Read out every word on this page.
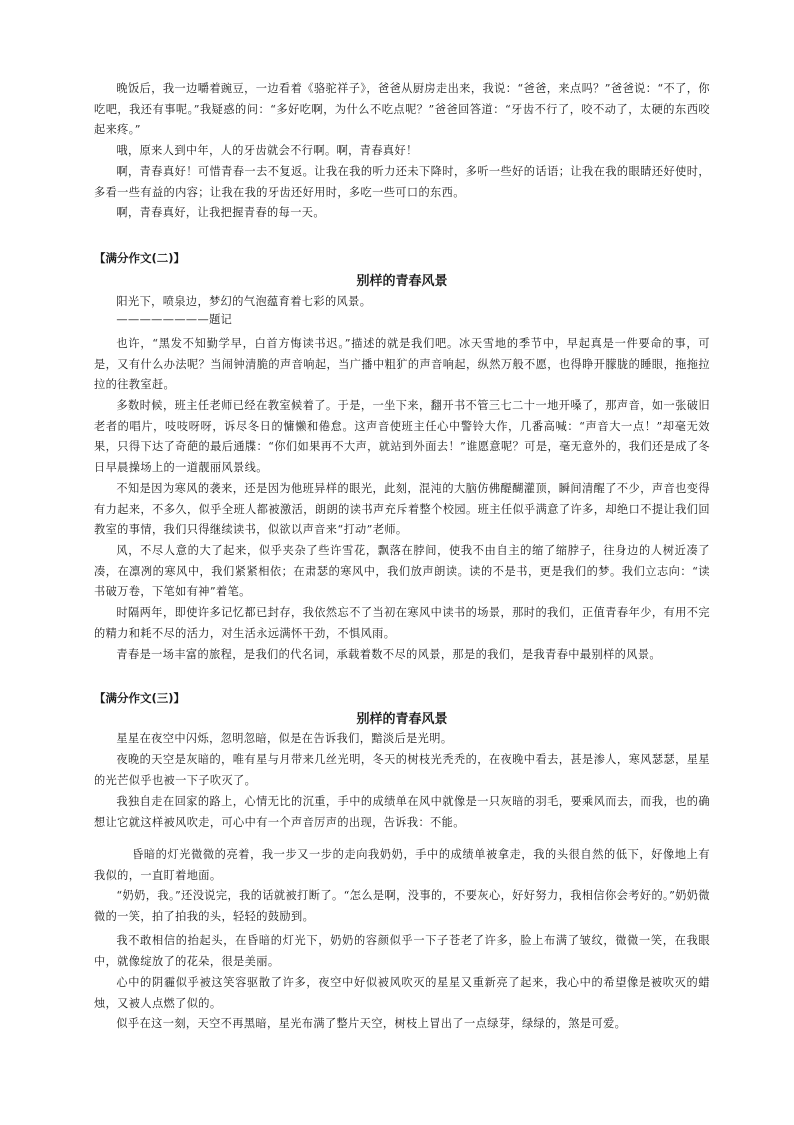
晚饭后，我一边嚼着豌豆，一边看着《骆驼祥子》，爸爸从厨房走出来，我说：“爸爸，来点吗？”爸爸说：“不了，你吃吧，我还有事呢。”我疑惑的问：“多好吃啊，为什么不吃点呢？”爸爸回答道：“牙齿不行了，咬不动了，太硬的东西咬起来疼。”

哦，原来人到中年，人的牙齿就会不行啊。啊，青春真好！

啊，青春真好！可惜青春一去不复返。让我在我的听力还未下降时，多听一些好的话语；让我在我的眼睛还好使时，多看一些有益的内容；让我在我的牙齿还好用时，多吃一些可口的东西。

啊，青春真好，让我把握青春的每一天。

【满分作文(二)】
别样的青春风景

阳光下，喷泉边，梦幻的气泡蕴育着七彩的风景。

————————题记

也许，“黑发不知勤学早，白首方悔读书迟。”描述的就是我们吧。冰天雪地的季节中，早起真是一件要命的事，可是，又有什么办法呢？当闹钟清脆的声音响起，当广播中粗犷的声音响起，纵然万般不愿，也得睁开朦胧的睡眼，拖拖拉拉的往教室赶。

多数时候，班主任老师已经在教室候着了。于是，一坐下来，翻开书不管三七二十一地开嗓了，那声音，如一张破旧老者的唱片，吱吱呀呀，诉尽冬日的慵懒和倦怠。这声音使班主任心中警铃大作，几番高喊：“声音大一点！”却毫无效果，只得下达了奇葩的最后通牒：“你们如果再不大声，就站到外面去！”谁愿意呢？可是，毫无意外的，我们还是成了冬日早晨操场上的一道靓丽风景线。

不知是因为寒风的袭来，还是因为他班异样的眼光，此刻，混沌的大脑仿佛醍醐灌顶，瞬间清醒了不少，声音也变得有力起来，不多久，似乎全班人都被激活，朗朗的读书声充斥着整个校园。班主任似乎满意了许多，却绝口不提让我们回教室的事情，我们只得继续读书，似欲以声音来“打动”老师。

风，不尽人意的大了起来，似乎夹杂了些许雪花，飘落在脖间，使我不由自主的缩了缩脖子，往身边的人树近凑了凑，在凛冽的寒风中，我们紧紧相依；在肃瑟的寒风中，我们放声朗读。读的不是书，更是我们的梦。我们立志向：“读书破万卷，下笔如有神”着笔。

时隔两年，即使许多记忆都已封存，我依然忘不了当初在寒风中读书的场景，那时的我们，正值青春年少，有用不完的精力和耗不尽的活力，对生活永远满怀干劲，不惧风雨。

青春是一场丰富的旅程，是我们的代名词，承载着数不尽的风景，那是的我们，是我青春中最别样的风景。

【满分作文(三)】
别样的青春风景

星星在夜空中闪烁，忽明忽暗，似是在告诉我们，黯淡后是光明。

夜晚的天空是灰暗的，唯有星与月带来几丝光明，冬天的树枝光秃秃的，在夜晚中看去，甚是渗人，寒风瑟瑟，星星的光芒似乎也被一下子吹灭了。

我独自走在回家的路上，心情无比的沉重，手中的成绩单在风中就像是一只灰暗的羽毛，要乘风而去，而我，也的确想让它就这样被风吹走，可心中有一个声音厉声的出现，告诉我：不能。

昏暗的灯光微微的亮着，我一步又一步的走向我奶奶，手中的成绩单被拿走，我的头很自然的低下，好像地上有我似的，一直盯着地面。

“奶奶，我。”还没说完，我的话就被打断了。“怎么是啊，没事的，不要灰心，好好努力，我相信你会考好的。”奶奶微微的一笑，拍了拍我的头，轻轻的鼓励到。

我不敢相信的抬起头，在昏暗的灯光下，奶奶的容颜似乎一下子苍老了许多，脸上布满了皱纹，微微一笑，在我眼中，就像绽放了的花朵，很是美丽。

心中的阴霾似乎被这笑容驱散了许多，夜空中好似被风吹灭的星星又重新亮了起来，我心中的希望像是被吹灭的蜡烛，又被人点燃了似的。

似乎在这一刻，天空不再黑暗，星光布满了整片天空，树枝上冒出了一点绿芽，绿绿的，煞是可爱。
